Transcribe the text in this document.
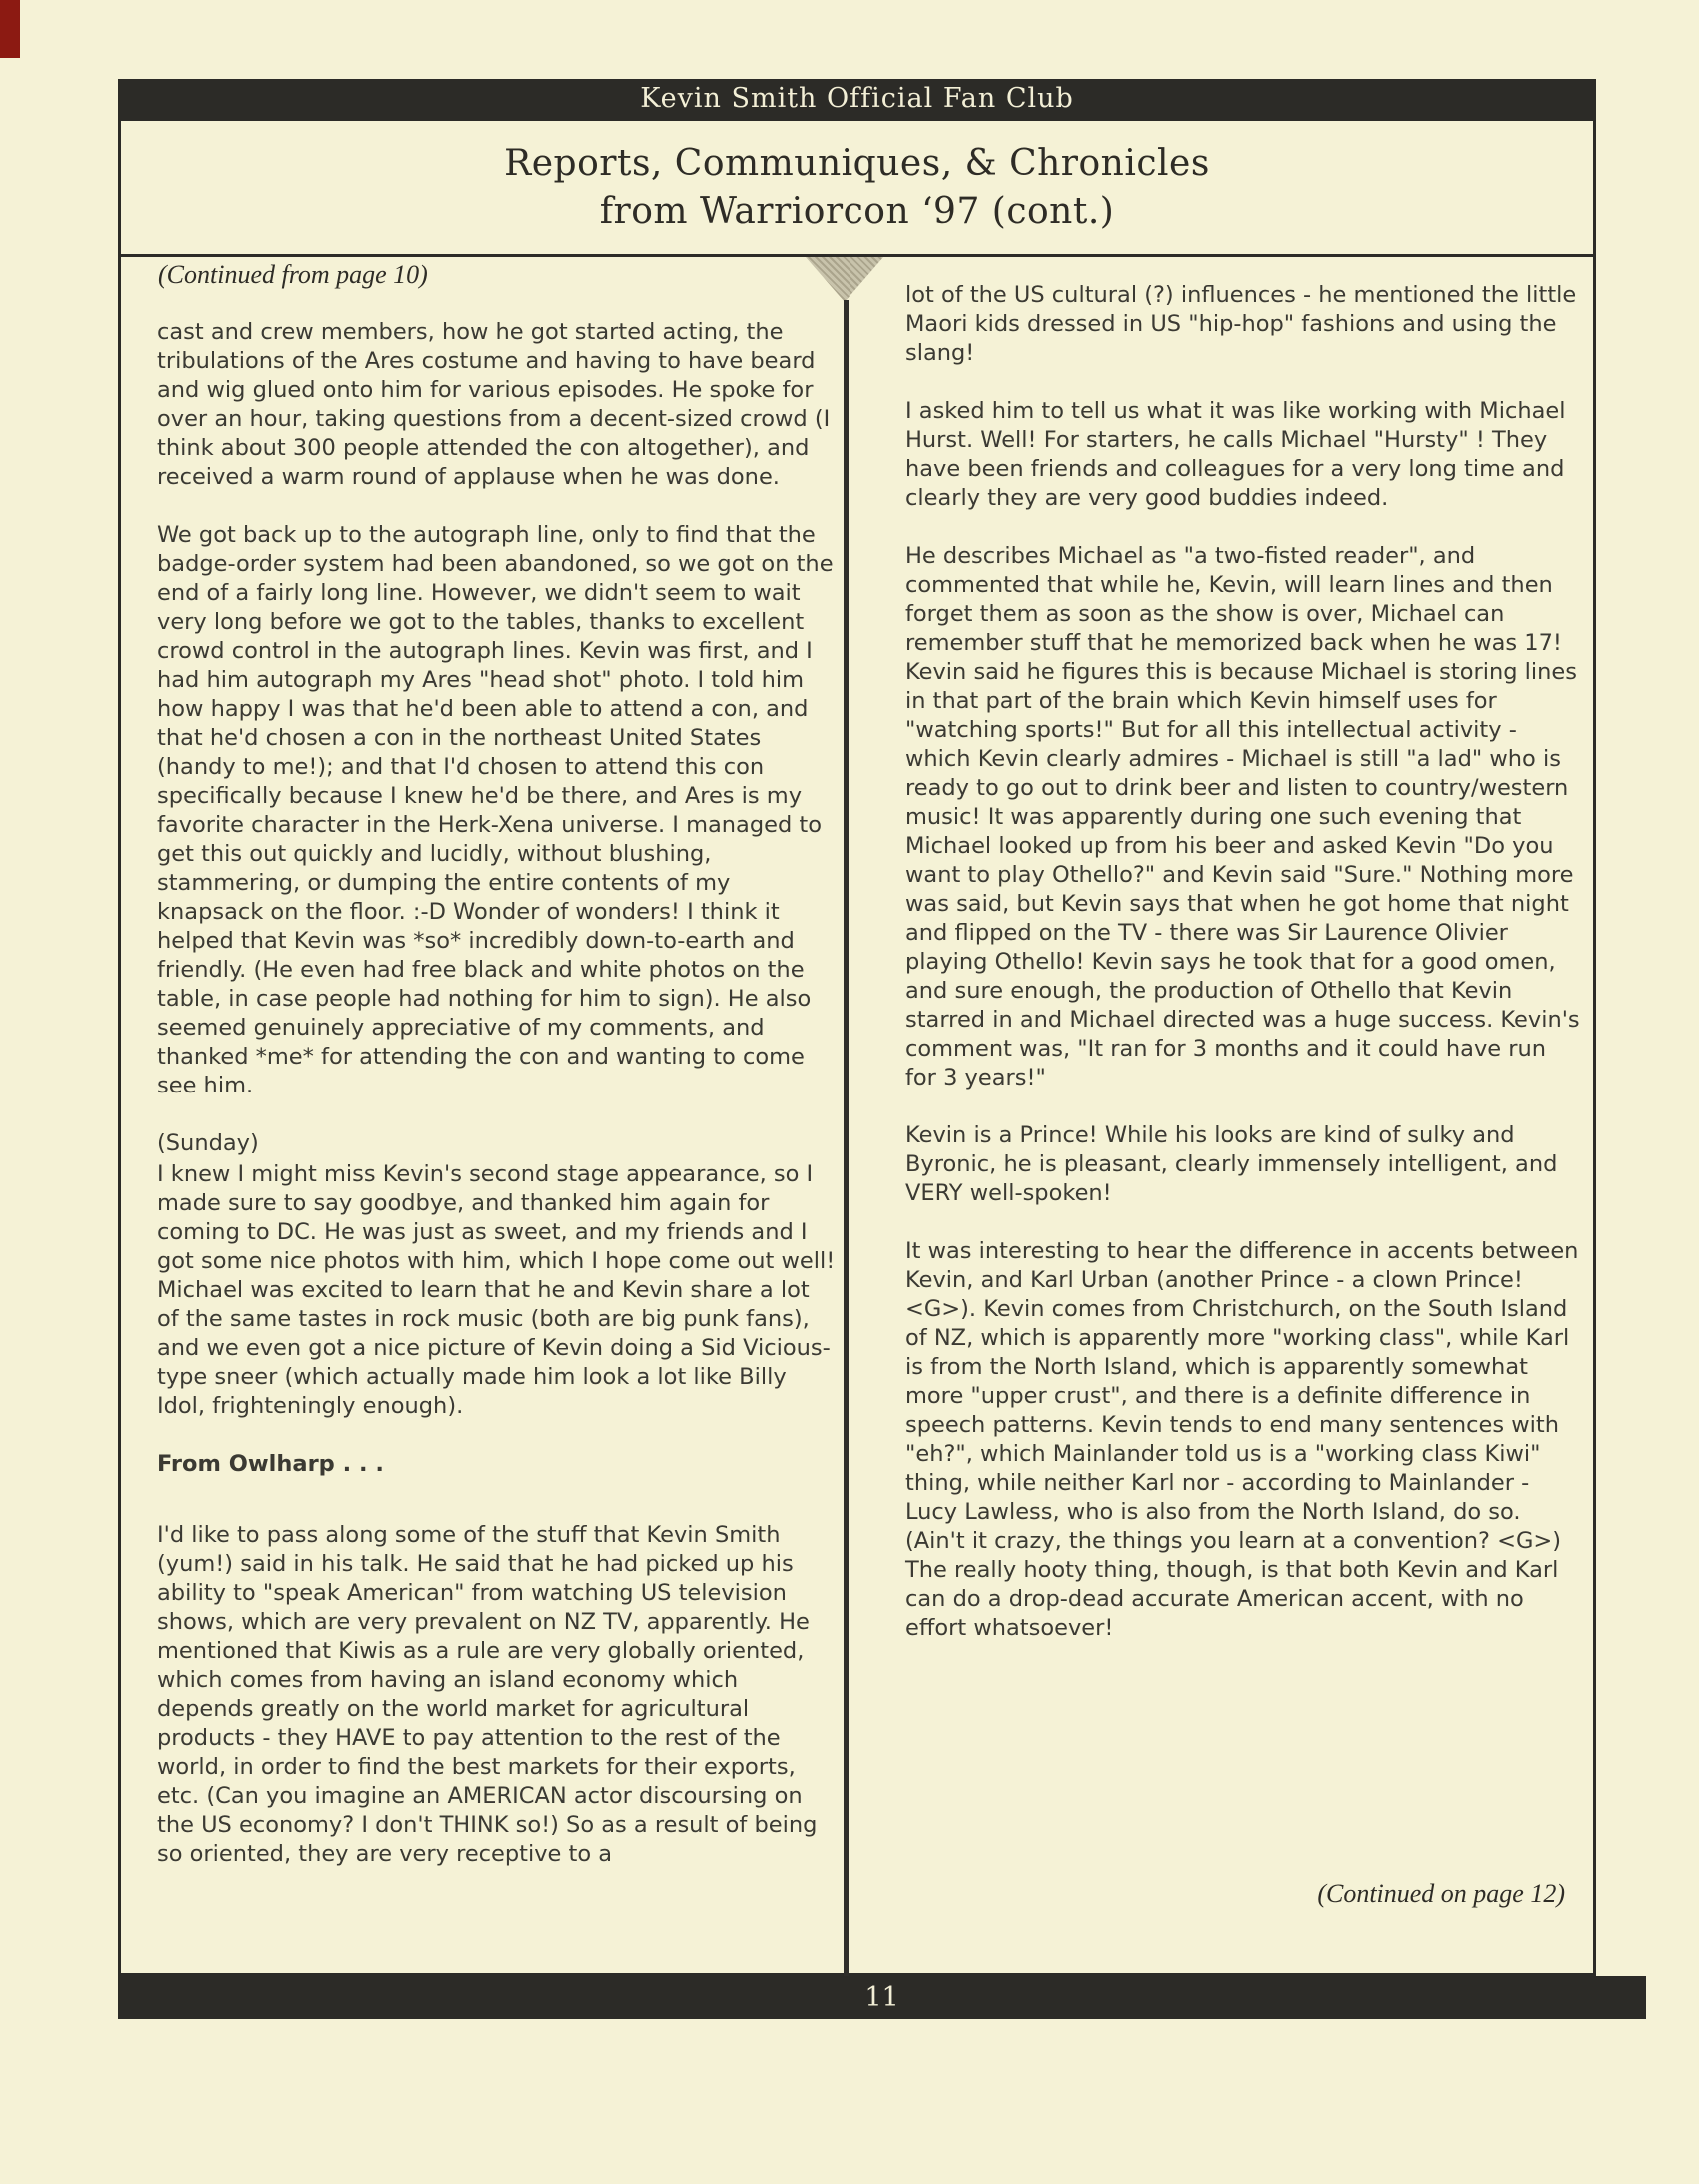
Kevin Smith Official Fan Club
Reports, Communiques, & Chronicles
from Warriorcon ‘97 (cont.)
(Continued from page 10)

cast and crew members, how he got started acting, the tribulations of the Ares costume and having to have beard and wig glued onto him for various episodes. He spoke for over an hour, taking questions from a decent-sized crowd (I think about 300 people attended the con altogether), and received a warm round of applause when he was done.

We got back up to the autograph line, only to find that the badge-order system had been abandoned, so we got on the end of a fairly long line. However, we didn't seem to wait very long before we got to the tables, thanks to excellent crowd control in the autograph lines. Kevin was first, and I had him autograph my Ares "head shot" photo. I told him how happy I was that he'd been able to attend a con, and that he'd chosen a con in the northeast United States (handy to me!); and that I'd chosen to attend this con specifically because I knew he'd be there, and Ares is my favorite character in the Herk-Xena universe. I managed to get this out quickly and lucidly, without blushing, stammering, or dumping the entire contents of my knapsack on the floor. :-D Wonder of wonders! I think it helped that Kevin was *so* incredibly down-to-earth and friendly. (He even had free black and white photos on the table, in case people had nothing for him to sign). He also seemed genuinely appreciative of my comments, and thanked *me* for attending the con and wanting to come see him.

(Sunday)

I knew I might miss Kevin's second stage appearance, so I made sure to say goodbye, and thanked him again for coming to DC. He was just as sweet, and my friends and I got some nice photos with him, which I hope come out well! Michael was excited to learn that he and Kevin share a lot of the same tastes in rock music (both are big punk fans), and we even got a nice picture of Kevin doing a Sid Vicious-type sneer (which actually made him look a lot like Billy Idol, frighteningly enough).

From Owlharp . . .

I'd like to pass along some of the stuff that Kevin Smith (yum!) said in his talk. He said that he had picked up his ability to "speak American" from watching US television shows, which are very prevalent on NZ TV, apparently. He mentioned that Kiwis as a rule are very globally oriented, which comes from having an island economy which depends greatly on the world market for agricultural products - they HAVE to pay attention to the rest of the world, in order to find the best markets for their exports, etc. (Can you imagine an AMERICAN actor discoursing on the US economy? I don't THINK so!) So as a result of being so oriented, they are very receptive to a

lot of the US cultural (?) influences - he mentioned the little Maori kids dressed in US "hip-hop" fashions and using the slang!

I asked him to tell us what it was like working with Michael Hurst. Well! For starters, he calls Michael "Hursty" ! They have been friends and colleagues for a very long time and clearly they are very good buddies indeed.

He describes Michael as "a two-fisted reader", and commented that while he, Kevin, will learn lines and then forget them as soon as the show is over, Michael can remember stuff that he memorized back when he was 17! Kevin said he figures this is because Michael is storing lines in that part of the brain which Kevin himself uses for "watching sports!" But for all this intellectual activity - which Kevin clearly admires - Michael is still "a lad" who is ready to go out to drink beer and listen to country/western music! It was apparently during one such evening that Michael looked up from his beer and asked Kevin "Do you want to play Othello?" and Kevin said "Sure." Nothing more was said, but Kevin says that when he got home that night and flipped on the TV - there was Sir Laurence Olivier playing Othello! Kevin says he took that for a good omen, and sure enough, the production of Othello that Kevin starred in and Michael directed was a huge success. Kevin's comment was, "It ran for 3 months and it could have run for 3 years!"

Kevin is a Prince! While his looks are kind of sulky and Byronic, he is pleasant, clearly immensely intelligent, and VERY well-spoken!

It was interesting to hear the difference in accents between Kevin, and Karl Urban (another Prince - a clown Prince! <G>). Kevin comes from Christchurch, on the South Island of NZ, which is apparently more "working class", while Karl is from the North Island, which is apparently somewhat more "upper crust", and there is a definite difference in speech patterns. Kevin tends to end many sentences with "eh?", which Mainlander told us is a "working class Kiwi" thing, while neither Karl nor - according to Mainlander - Lucy Lawless, who is also from the North Island, do so. (Ain't it crazy, the things you learn at a convention? <G>) The really hooty thing, though, is that both Kevin and Karl can do a drop-dead accurate American accent, with no effort whatsoever!

(Continued on page 12)
11
